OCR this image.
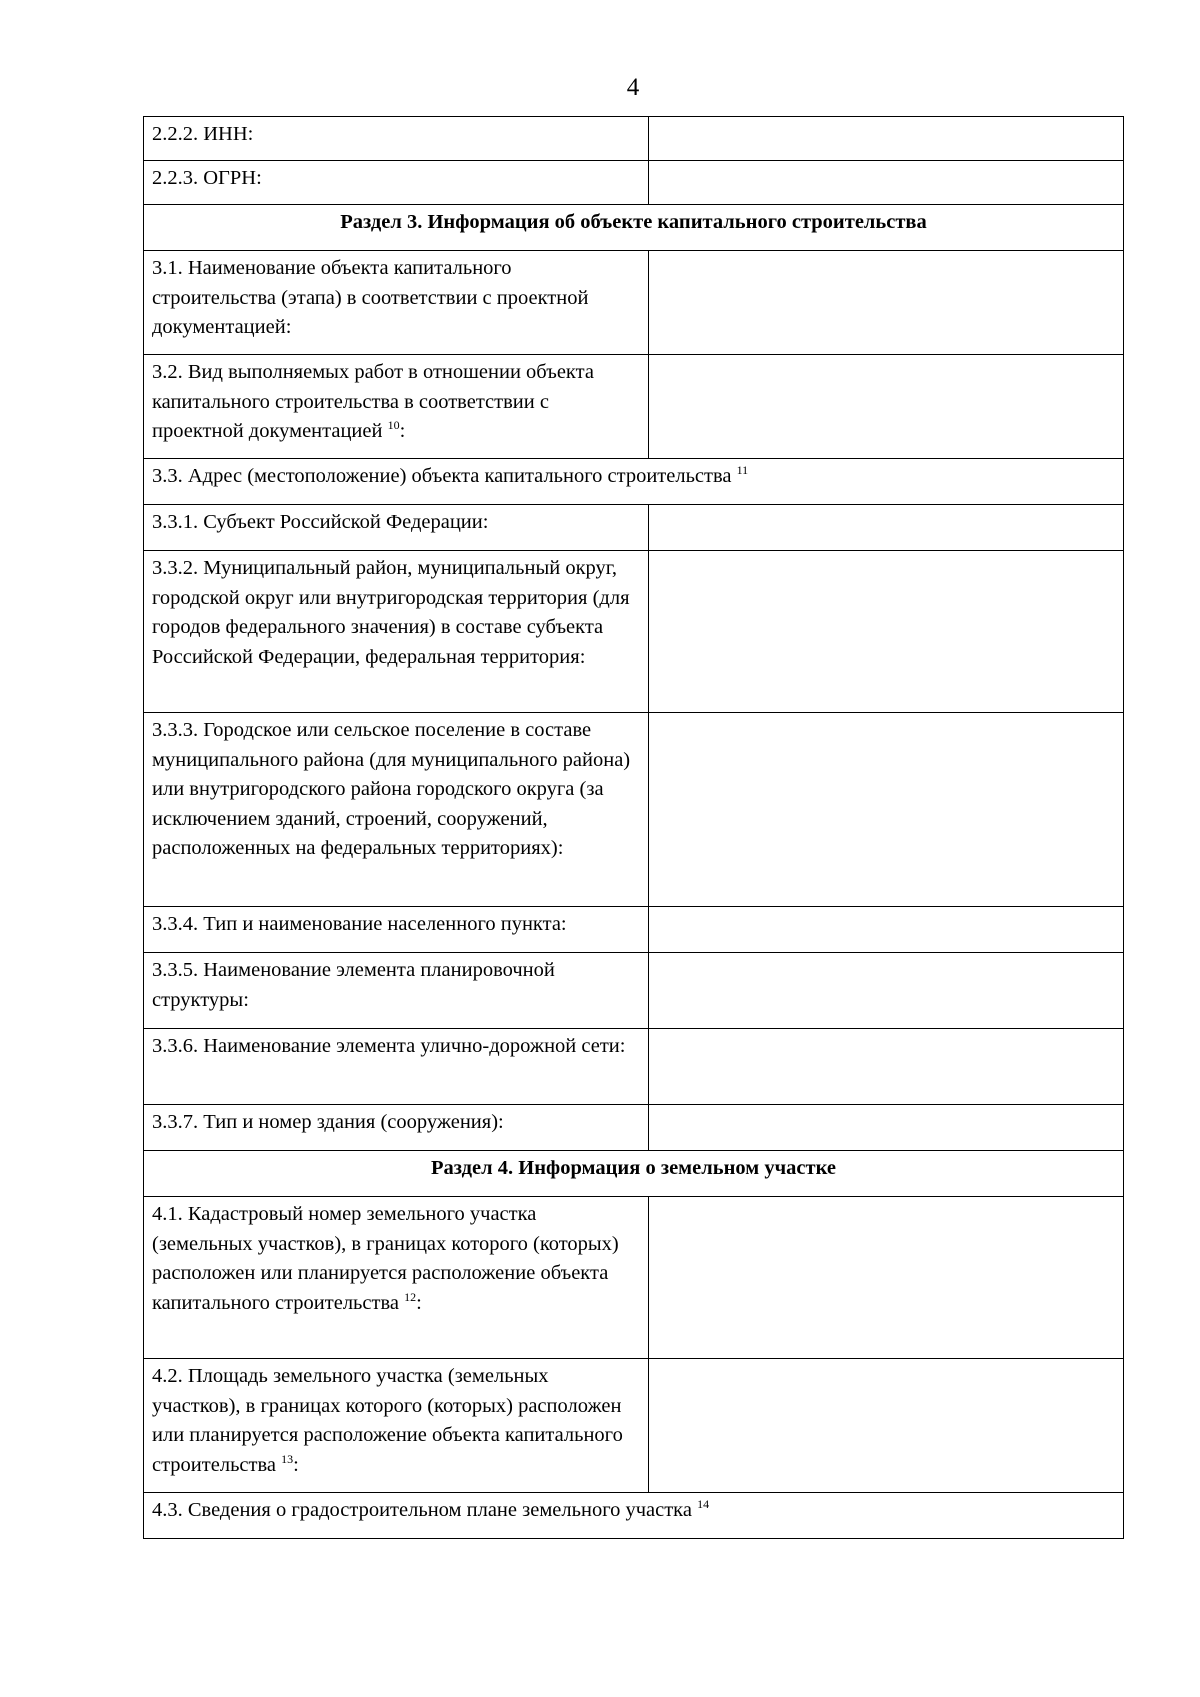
4
2.2.2. ИНН:	
2.2.3. ОГРН:	
Раздел 3. Информация об объекте капитального строительства	
3.1. Наименование объекта капитального строительства (этапа) в соответствии с проектной документацией:	
3.2. Вид выполняемых работ в отношении объекта капитального строительства в соответствии с проектной документацией $^{10}$:	
3.3. Адрес (местоположение) объекта капитального строительства $^{11}$
3.3.1. Субъект Российской Федерации:	
3.3.2. Муниципальный район, муниципальный округ, городской округ или внутригородская территория (для городов федерального значения) в составе субъекта Российской Федерации, федеральная территория:	
3.3.3. Городское или сельское поселение в составе муниципального района (для муниципального района) или внутригородского района городского округа (за исключением зданий, строений, сооружений, расположенных на федеральных территориях):	
3.3.4. Тип и наименование населенного пункта:	
3.3.5. Наименование элемента планировочной структуры:	
3.3.6. Наименование элемента улично-дорожной сети:	
3.3.7. Тип и номер здания (сооружения):	
Раздел 4. Информация о земельном участке	
4.1. Кадастровый номер земельного участка (земельных участков), в границах которого (которых) расположен или планируется расположение объекта капитального строительства $^{12}$:	
4.2. Площадь земельного участка (земельных участков), в границах которого (которых) расположен или планируется расположение объекта капитального строительства $^{13}$:	
4.3. Сведения о градостроительном плане земельного участка $^{14}$
